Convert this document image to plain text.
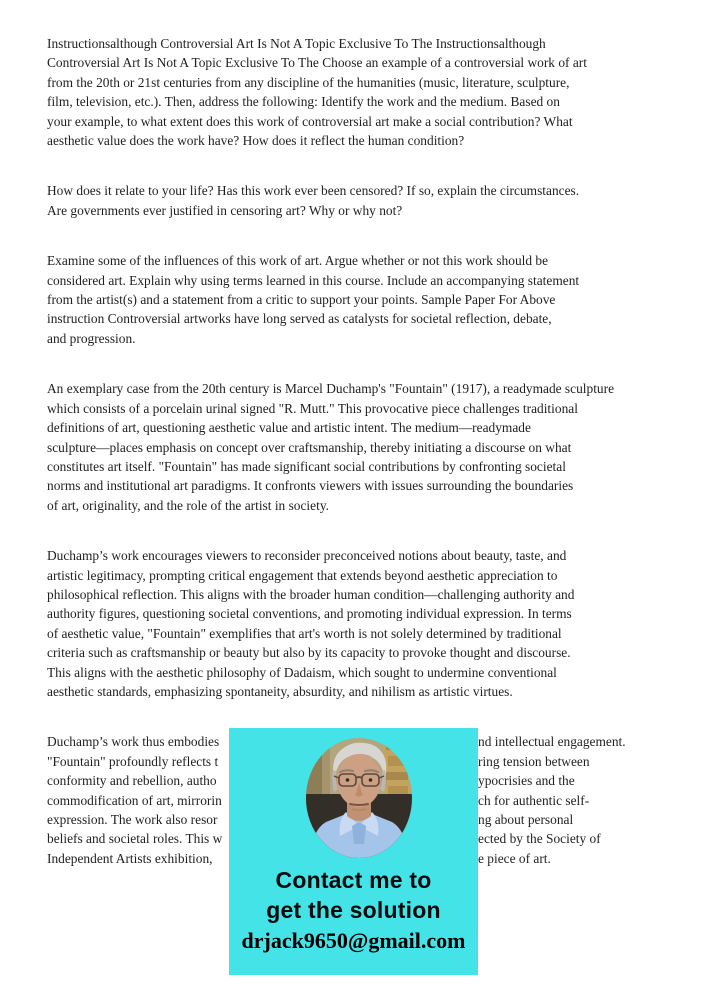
Instructionsalthough Controversial Art Is Not A Topic Exclusive To The Instructionsalthough
Controversial Art Is Not A Topic Exclusive To The Choose an example of a controversial work of art
from the 20th or 21st centuries from any discipline of the humanities (music, literature, sculpture,
film, television, etc.). Then, address the following: Identify the work and the medium. Based on
your example, to what extent does this work of controversial art make a social contribution? What
aesthetic value does the work have? How does it reflect the human condition?
How does it relate to your life? Has this work ever been censored? If so, explain the circumstances.
Are governments ever justified in censoring art? Why or why not?
Examine some of the influences of this work of art. Argue whether or not this work should be
considered art. Explain why using terms learned in this course. Include an accompanying statement
from the artist(s) and a statement from a critic to support your points. Sample Paper For Above
instruction Controversial artworks have long served as catalysts for societal reflection, debate,
and progression.
An exemplary case from the 20th century is Marcel Duchamp's "Fountain" (1917), a readymade sculpture
which consists of a porcelain urinal signed "R. Mutt." This provocative piece challenges traditional
definitions of art, questioning aesthetic value and artistic intent. The medium—readymade
sculpture—places emphasis on concept over craftsmanship, thereby initiating a discourse on what
constitutes art itself. "Fountain" has made significant social contributions by confronting societal
norms and institutional art paradigms. It confronts viewers with issues surrounding the boundaries
of art, originality, and the role of the artist in society.
Duchamp’s work encourages viewers to reconsider preconceived notions about beauty, taste, and
artistic legitimacy, prompting critical engagement that extends beyond aesthetic appreciation to
philosophical reflection. This aligns with the broader human condition—challenging authority and
authority figures, questioning societal conventions, and promoting individual expression. In terms
of aesthetic value, "Fountain" exemplifies that art's worth is not solely determined by traditional
criteria such as craftsmanship or beauty but also by its capacity to provoke thought and discourse.
This aligns with the aesthetic philosophy of Dadaism, which sought to undermine conventional
aesthetic standards, emphasizing spontaneity, absurdity, and nihilism as artistic virtues.
Duchamp’s work thus embodies	nd intellectual engagement.
"Fountain" profoundly reflects t	ring tension between
conformity and rebellion, autho	ypocrisies and the
commodification of art, mirrorin	ch for authentic self-
expression. The work also resor	ng about personal
beliefs and societal roles. This w	ected by the Society of
Independent Artists exhibition,	e piece of art.
Contact me to
get the solution
drjack9650@gmail.com
